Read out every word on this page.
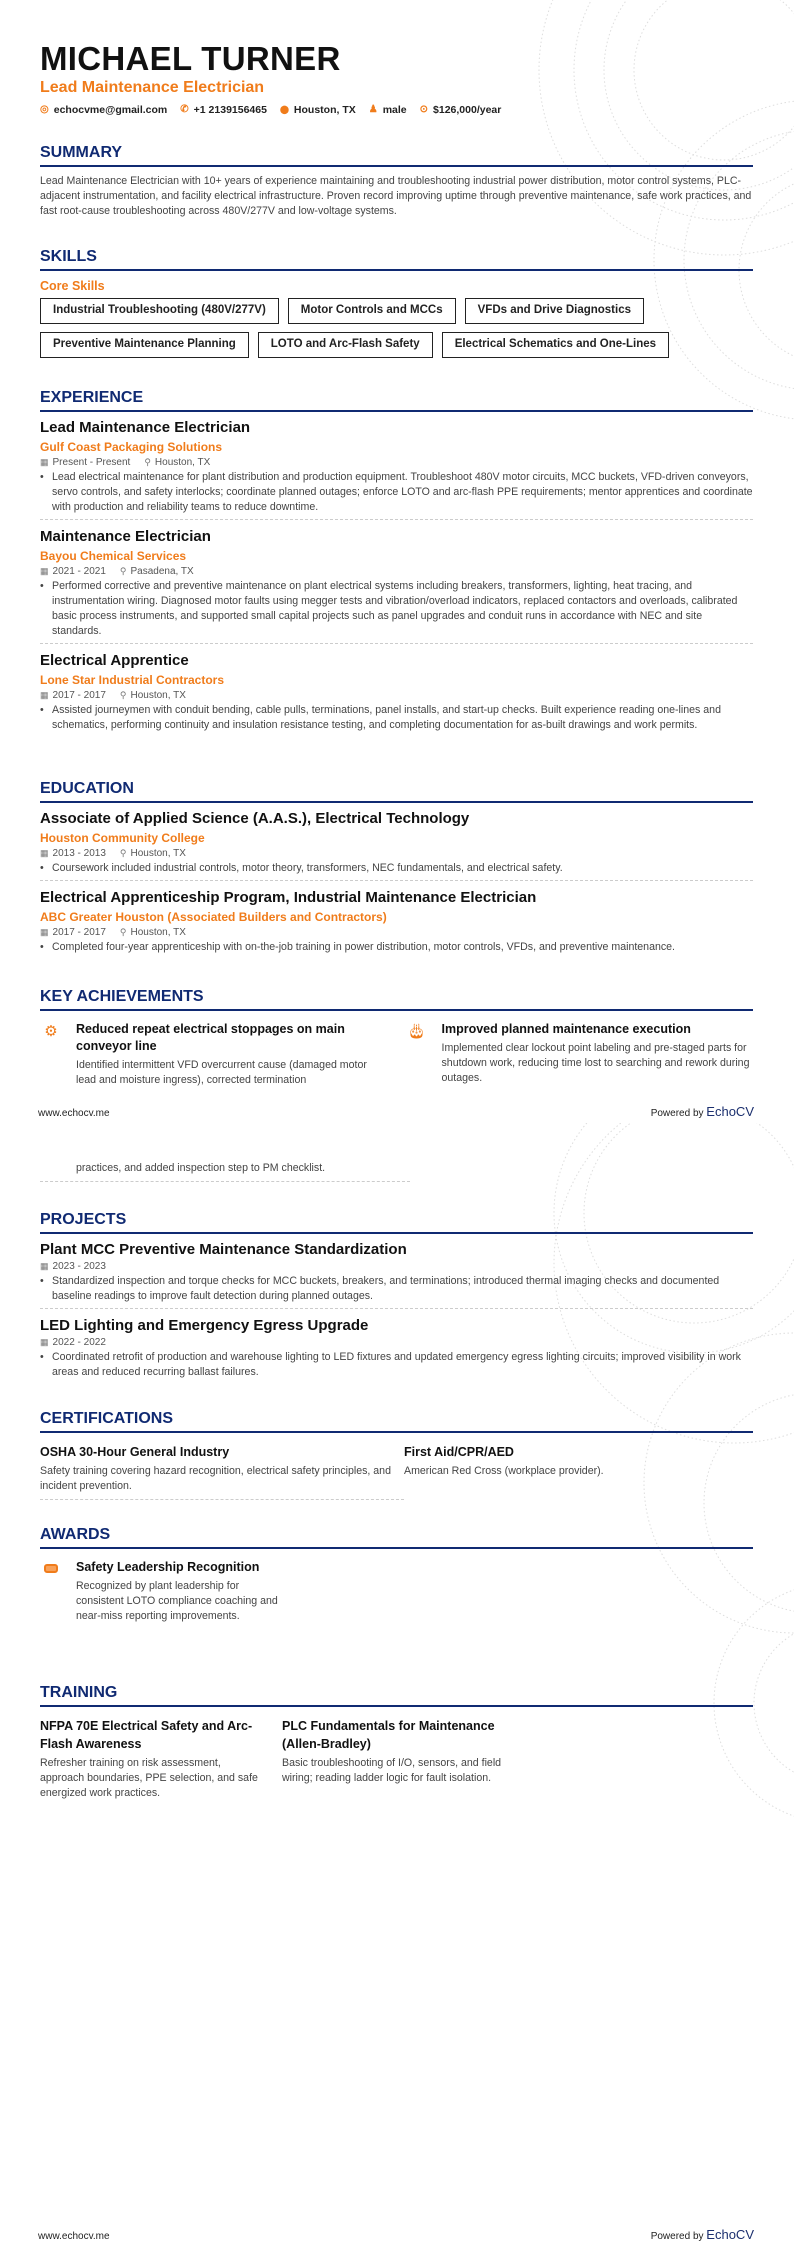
MICHAEL TURNER
Lead Maintenance Electrician
◎ echocvme@gmail.com ✆ +1 2139156465 ⬤ Houston, TX ♟ male ⊙ $126,000/year
SUMMARY
Lead Maintenance Electrician with 10+ years of experience maintaining and troubleshooting industrial power distribution, motor control systems, PLC-adjacent instrumentation, and facility electrical infrastructure. Proven record improving uptime through preventive maintenance, safe work practices, and fast root-cause troubleshooting across 480V/277V and low-voltage systems.
SKILLS
Core Skills
Industrial Troubleshooting (480V/277V)	Motor Controls and MCCs	VFDs and Drive Diagnostics
Preventive Maintenance Planning	LOTO and Arc-Flash Safety	Electrical Schematics and One-Lines
EXPERIENCE
Lead Maintenance Electrician
Gulf Coast Packaging Solutions
▦ Present - Present ⚲ Houston, TX
• Lead electrical maintenance for plant distribution and production equipment. Troubleshoot 480V motor circuits, MCC buckets, VFD-driven conveyors, servo controls, and safety interlocks; coordinate planned outages; enforce LOTO and arc-flash PPE requirements; mentor apprentices and coordinate with production and reliability teams to reduce downtime.
Maintenance Electrician
Bayou Chemical Services
▦ 2021 - 2021 ⚲ Pasadena, TX
• Performed corrective and preventive maintenance on plant electrical systems including breakers, transformers, lighting, heat tracing, and instrumentation wiring. Diagnosed motor faults using megger tests and vibration/overload indicators, replaced contactors and overloads, calibrated basic process instruments, and supported small capital projects such as panel upgrades and conduit runs in accordance with NEC and site standards.
Electrical Apprentice
Lone Star Industrial Contractors
▦ 2017 - 2017 ⚲ Houston, TX
• Assisted journeymen with conduit bending, cable pulls, terminations, panel installs, and start-up checks. Built experience reading one-lines and schematics, performing continuity and insulation resistance testing, and completing documentation for as-built drawings and work permits.
EDUCATION
Associate of Applied Science (A.A.S.), Electrical Technology
Houston Community College
▦ 2013 - 2013 ⚲ Houston, TX
• Coursework included industrial controls, motor theory, transformers, NEC fundamentals, and electrical safety.
Electrical Apprenticeship Program, Industrial Maintenance Electrician
ABC Greater Houston (Associated Builders and Contractors)
▦ 2017 - 2017 ⚲ Houston, TX
• Completed four-year apprenticeship with on-the-job training in power distribution, motor controls, VFDs, and preventive maintenance.
KEY ACHIEVEMENTS
⚙	Reduced repeat electrical stoppages on main conveyor line
Identified intermittent VFD overcurrent cause (damaged motor lead and moisture ingress), corrected termination
🎂︎ Improved planned maintenance execution
Implemented clear lockout point labeling and pre-staged parts for shutdown work, reducing time lost to searching and rework during outages.
www.echocv.me	Powered by EchoCV
practices, and added inspection step to PM checklist.
PROJECTS
Plant MCC Preventive Maintenance Standardization
▦ 2023 - 2023
• Standardized inspection and torque checks for MCC buckets, breakers, and terminations; introduced thermal imaging checks and documented baseline readings to improve fault detection during planned outages.
LED Lighting and Emergency Egress Upgrade
▦ 2022 - 2022
• Coordinated retrofit of production and warehouse lighting to LED fixtures and updated emergency egress lighting circuits; improved visibility in work areas and reduced recurring ballast failures.
CERTIFICATIONS
OSHA 30-Hour General Industry
Safety training covering hazard recognition, electrical safety principles, and incident prevention.
First Aid/CPR/AED
American Red Cross (workplace provider).
AWARDS
Safety Leadership Recognition
Recognized by plant leadership for consistent LOTO compliance coaching and near-miss reporting improvements.
TRAINING
NFPA 70E Electrical Safety and Arc-Flash Awareness
Refresher training on risk assessment, approach boundaries, PPE selection, and safe energized work practices.
PLC Fundamentals for Maintenance (Allen-Bradley)
Basic troubleshooting of I/O, sensors, and field wiring; reading ladder logic for fault isolation.
www.echocv.me	Powered by EchoCV
